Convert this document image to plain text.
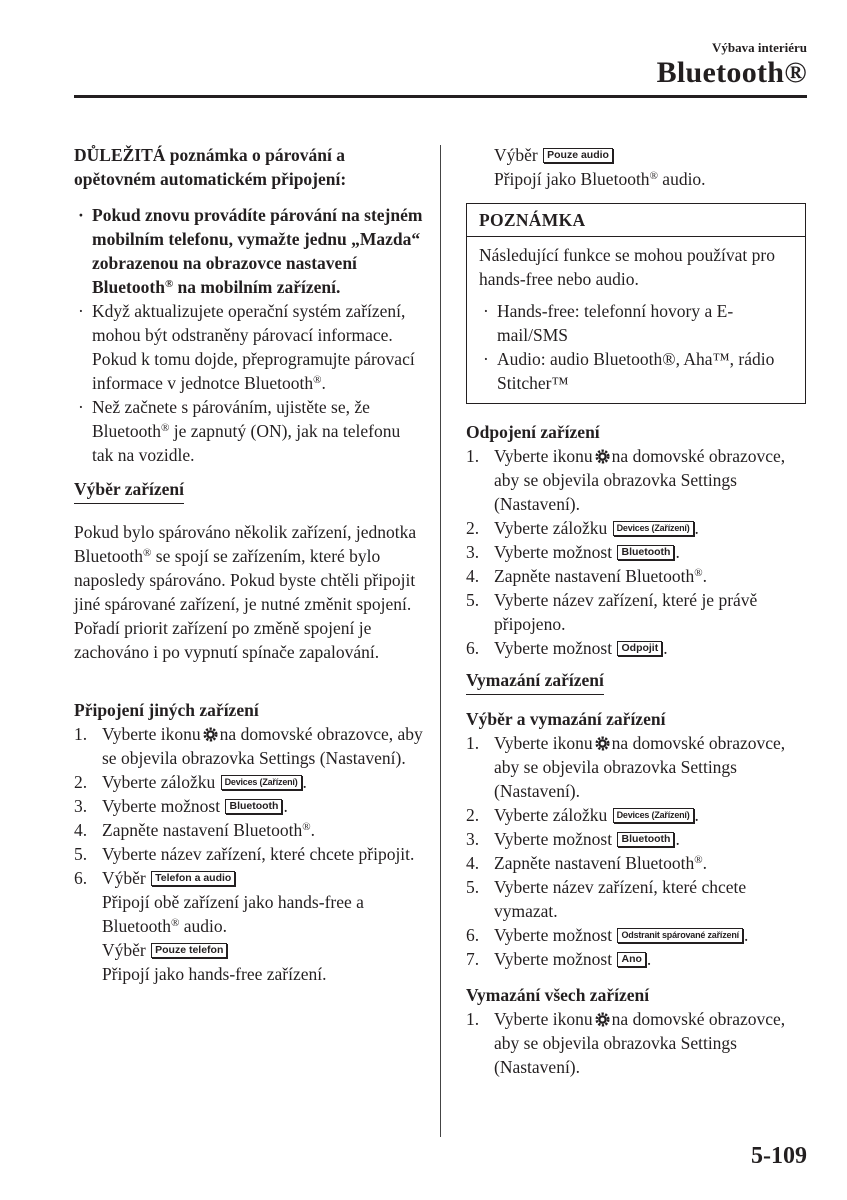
Výbava interiéru
Bluetooth®
5-109

DŮLEŽITÁ poznámka o párování a opětovném automatickém připojení:

· Pokud znovu provádíte párování na stejném mobilním telefonu, vymažte jednu „Mazda“ zobrazenou na obrazovce nastavení Bluetooth® na mobilním zařízení.
· Když aktualizujete operační systém zařízení, mohou být odstraněny párovací informace. Pokud k tomu dojde, přeprogramujte párovací informace v jednotce Bluetooth®.
· Než začnete s párováním, ujistěte se, že Bluetooth® je zapnutý (ON), jak na telefonu tak na vozidle.

Výběr zařízení

Pokud bylo spárováno několik zařízení, jednotka Bluetooth® se spojí se zařízením, které bylo naposledy spárováno. Pokud byste chtěli připojit jiné spárované zařízení, je nutné změnit spojení. Pořadí priorit zařízení po změně spojení je zachováno i po vypnutí spínače zapalování.

Připojení jiných zařízení

1. Vyberte ikonu na domovské obrazovce, aby se objevila obrazovka Settings (Nastavení).
2. Vyberte záložku Devices (Zařízení) .
3. Vyberte možnost Bluetooth .
4. Zapněte nastavení Bluetooth®.
5. Vyberte název zařízení, které chcete připojit.
6. Výběr Telefon a audio

Připojí obě zařízení jako hands-free a Bluetooth® audio.

Výběr Pouze telefon

Připojí jako hands-free zařízení.

Výběr Pouze audio

Připojí jako Bluetooth® audio.

POZNÁMKA

Následující funkce se mohou používat pro hands-free nebo audio.

· Hands-free: telefonní hovory a E-mail/SMS
· Audio: audio Bluetooth®, Aha™, rádio Stitcher™

Odpojení zařízení

1. Vyberte ikonu na domovské obrazovce, aby se objevila obrazovka Settings (Nastavení).
2. Vyberte záložku Devices (Zařízení) .
3. Vyberte možnost Bluetooth .
4. Zapněte nastavení Bluetooth®.
5. Vyberte název zařízení, které je právě připojeno.
6. Vyberte možnost Odpojit .

Vymazání zařízení

Výběr a vymazání zařízení

1. Vyberte ikonu na domovské obrazovce, aby se objevila obrazovka Settings (Nastavení).
2. Vyberte záložku Devices (Zařízení) .
3. Vyberte možnost Bluetooth .
4. Zapněte nastavení Bluetooth®.
5. Vyberte název zařízení, které chcete vymazat.
6. Vyberte možnost Odstranit spárované zařízení .
7. Vyberte možnost Ano .

Vymazání všech zařízení

1. Vyberte ikonu na domovské obrazovce, aby se objevila obrazovka Settings (Nastavení).
